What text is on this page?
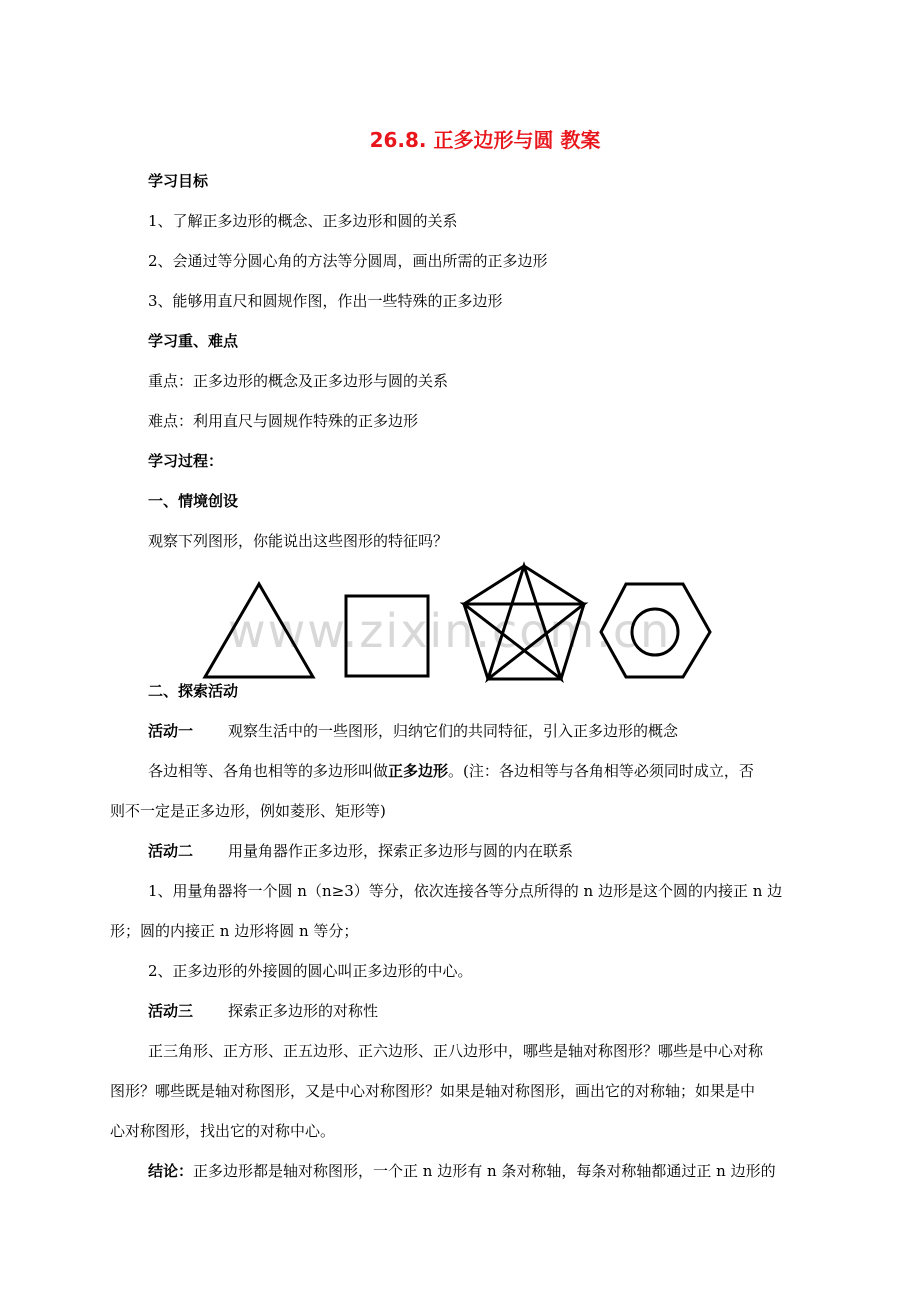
26.8. 正多边形与圆 教案
学习目标
1、了解正多边形的概念、正多边形和圆的关系
2、会通过等分圆心角的方法等分圆周，画出所需的正多边形
3、能够用直尺和圆规作图，作出一些特殊的正多边形
学习重、难点
重点：正多边形的概念及正多边形与圆的关系
难点：利用直尺与圆规作特殊的正多边形
学习过程：
一、情境创设
观察下列图形，你能说出这些图形的特征吗？
www.zixin.com.cn
二、探索活动
活动一 观察生活中的一些图形，归纳它们的共同特征，引入正多边形的概念
各边相等、各角也相等的多边形叫做正多边形。(注：各边相等与各角相等必须同时成立，否
则不一定是正多边形，例如菱形、矩形等)
活动二 用量角器作正多边形，探索正多边形与圆的内在联系
1、用量角器将一个圆 n（n≥3）等分，依次连接各等分点所得的 n 边形是这个圆的内接正 n 边
形；圆的内接正 n 边形将圆 n 等分；
2、正多边形的外接圆的圆心叫正多边形的中心。
活动三 探索正多边形的对称性
正三角形、正方形、正五边形、正六边形、正八边形中，哪些是轴对称图形？哪些是中心对称
图形？哪些既是轴对称图形，又是中心对称图形？如果是轴对称图形，画出它的对称轴；如果是中
心对称图形，找出它的对称中心。
结论：正多边形都是轴对称图形，一个正 n 边形有 n 条对称轴，每条对称轴都通过正 n 边形的
